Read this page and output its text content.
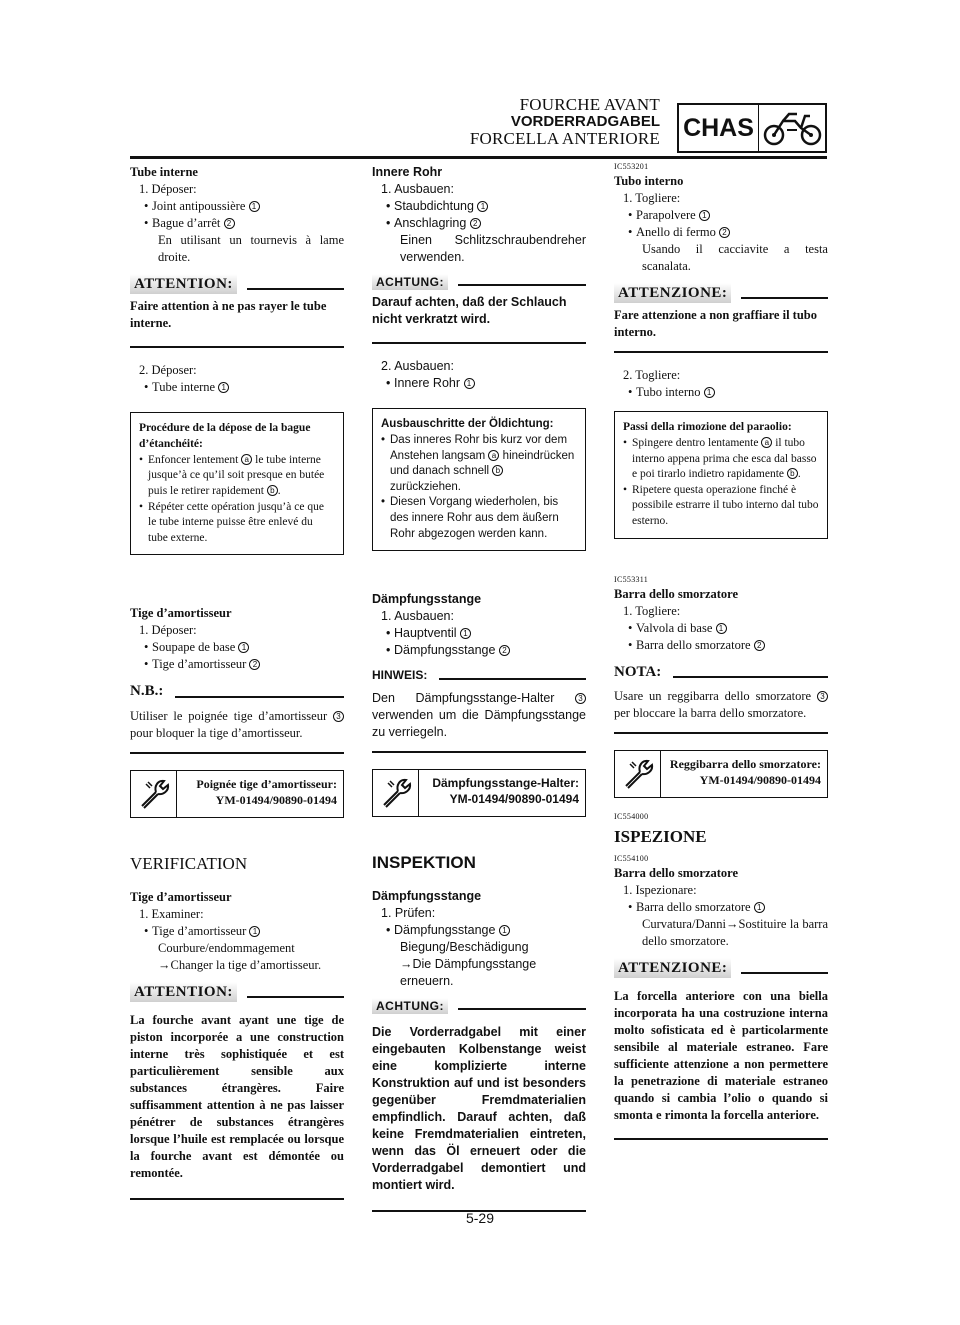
FOURCHE AVANT
VORDERRADGABEL
FORCELLA ANTERIORE CHAS
Tube interne
1. Déposer:
• Joint antipoussière 1
• Bague d’arrêt 2
En utilisant un tournevis à lame droite.
ATTENTION:
Faire attention à ne pas rayer le tube interne.
2. Déposer:
• Tube interne 1
Procédure de la dépose de la bague d’étanchéité:
• Enfoncer lentement a le tube interne jusque’à ce qu’il soit presque en butée puis le retirer rapidement b .
• Répéter cette opération jusqu’à ce que le tube interne puisse être enlevé du tube externe.
Tige d’amortisseur
1. Déposer:
• Soupape de base 1
• Tige d’amortisseur 2
N.B.:
Utiliser le poignée tige d’amortisseur 3 pour bloquer la tige d’amortisseur.
Poignée tige d’amortisseur:
YM-01494/90890-01494
VERIFICATION
Tige d’amortisseur
1. Examiner:
• Tige d’amortisseur 1
Courbure/endommagement
→Changer la tige d’amortisseur.
ATTENTION:
La fourche avant ayant une tige de piston incorporée a une construction interne très sophistiquée et est particulièrement sensible aux substances étrangères. Faire suffisamment attention à ne pas laisser pénétrer de substances étrangères lorsque l’huile est remplacée ou lorsque la fourche avant est démontée ou remontée.
Innere Rohr
1. Ausbauen:
• Staubdichtung 1
• Anschlagring 2
Einen Schlitzschraubendreher verwenden.
ACHTUNG:
Darauf achten, daß der Schlauch nicht verkratzt wird.
2. Ausbauen:
• Innere Rohr 1
Ausbauschritte der Öldichtung:
• Das inneres Rohr bis kurz vor dem Anstehen langsam a hineindrücken und danach schnell b zurückziehen.
• Diesen Vorgang wiederholen, bis des innere Rohr aus dem äußern Rohr abgezogen werden kann.
Dämpfungsstange
1. Ausbauen:
• Hauptventil 1
• Dämpfungsstange 2
HINWEIS:
Den Dämpfungsstange-Halter	3 verwenden um die Dämpfungsstange zu verriegeln.
Dämpfungsstange-Halter:
YM-01494/90890-01494
INSPEKTION
Dämpfungsstange
1. Prüfen:
• Dämpfungsstange 1
Biegung/Beschädigung
→Die Dämpfungsstange erneuern.
ACHTUNG:
Die Vorderradgabel mit einer eingebauten Kolbenstange weist eine komplizierte interne Konstruktion auf und ist besonders gegenüber Fremdmaterialien empfindlich. Darauf achten, daß keine Fremdmaterialien eintreten, wenn das Öl erneuert oder die Vorderradgabel demontiert und montiert wird.
IC553201
Tubo interno
1. Togliere:
• Parapolvere 1
• Anello di fermo 2
Usando il cacciavite a testa scanalata.
ATTENZIONE:
Fare attenzione a non graffiare il tubo interno.
2. Togliere:
• Tubo interno 1
Passi della rimozione del paraolio:
• Spingere dentro lentamente a il tubo interno appena prima che esca dal basso e poi tirarlo indietro rapidamente b .
• Ripetere questa operazione finché è possibile estrarre il tubo interno dal tubo esterno.
IC553311
Barra dello smorzatore
1. Togliere:
• Valvola di base 1
• Barra dello smorzatore 2
NOTA:
Usare un reggibarra dello smorzatore 3 per bloccare la barra dello smorzatore.
Reggibarra dello smorzatore:
YM-01494/90890-01494
IC554000
ISPEZIONE
IC554100
Barra dello smorzatore
1. Ispezionare:
• Barra dello smorzatore 1
Curvatura/Danni→Sostituire la barra dello smorzatore.
ATTENZIONE:
La forcella anteriore con una biella incorporata ha una costruzione interna molto sofisticata ed è particolarmente sensibile al materiale estraneo. Fare sufficiente attenzione a non permettere la penetrazione di materiale estraneo quando si cambia l’olio o quando si smonta e rimonta la forcella anteriore.
5-29
